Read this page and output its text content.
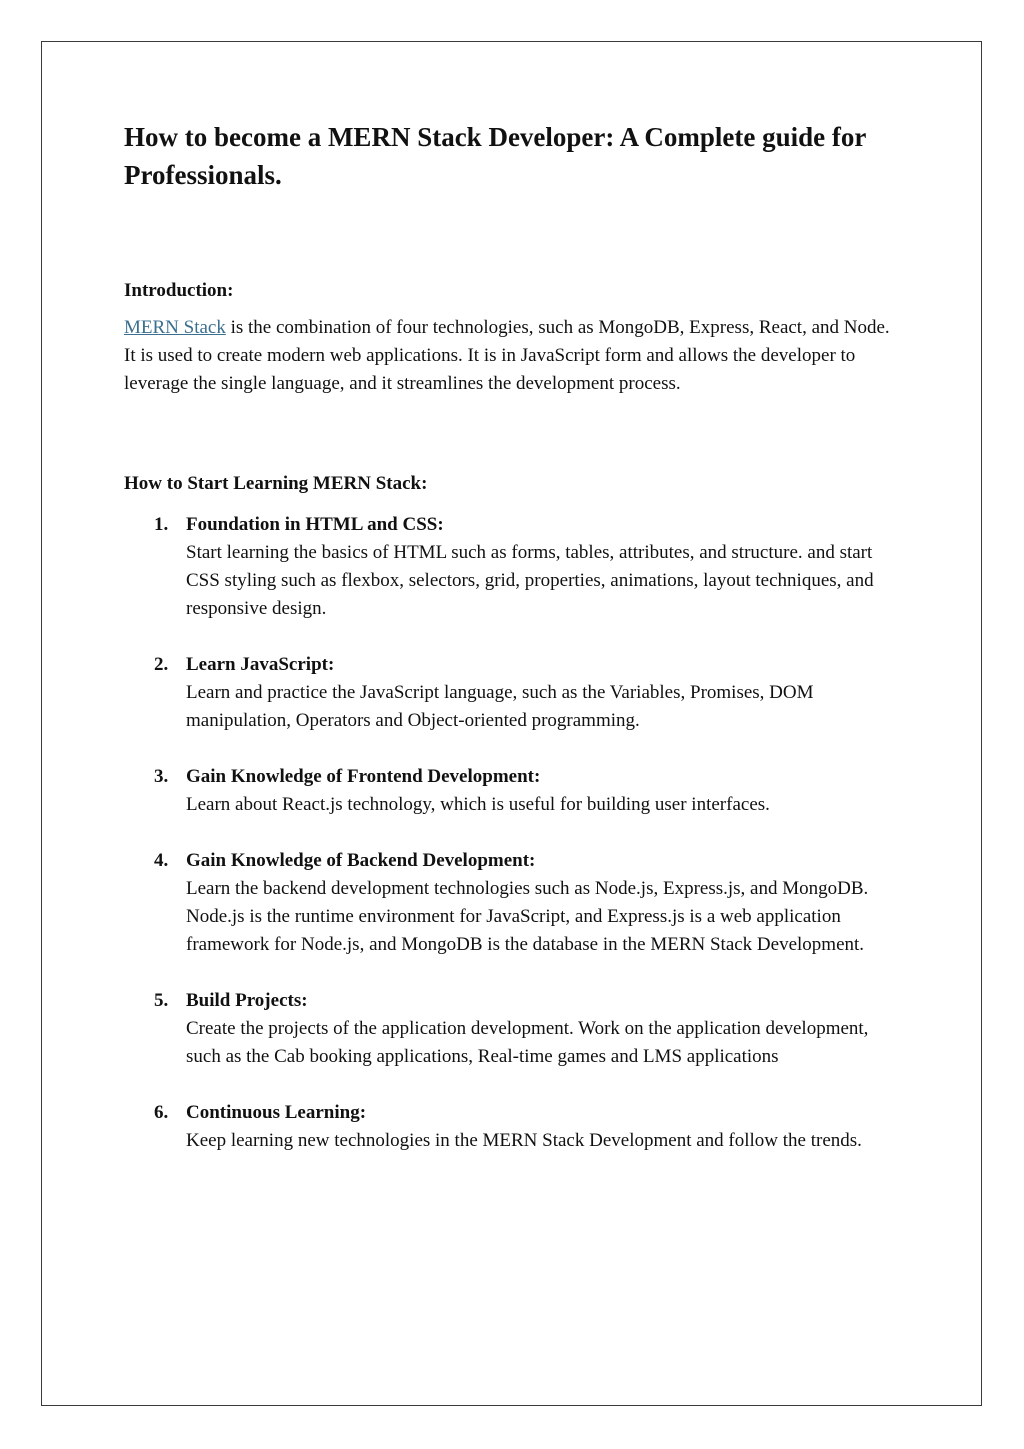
How to become a MERN Stack Developer: A Complete guide for Professionals.
Introduction:

MERN Stack is the combination of four technologies, such as MongoDB, Express, React, and Node. It is used to create modern web applications. It is in JavaScript form and allows the developer to leverage the single language, and it streamlines the development process.

How to Start Learning MERN Stack:
1. Foundation in HTML and CSS:

Start learning the basics of HTML such as forms, tables, attributes, and structure. and start CSS styling such as flexbox, selectors, grid, properties, animations, layout techniques, and responsive design.

2. Learn JavaScript:

Learn and practice the JavaScript language, such as the Variables, Promises, DOM manipulation, Operators and Object-oriented programming.

3. Gain Knowledge of Frontend Development:

Learn about React.js technology, which is useful for building user interfaces.

4. Gain Knowledge of Backend Development:

Learn the backend development technologies such as Node.js, Express.js, and MongoDB. Node.js is the runtime environment for JavaScript, and Express.js is a web application framework for Node.js, and MongoDB is the database in the MERN Stack Development.

5. Build Projects:

Create the projects of the application development. Work on the application development, such as the Cab booking applications, Real-time games and LMS applications

6. Continuous Learning:

Keep learning new technologies in the MERN Stack Development and follow the trends.
